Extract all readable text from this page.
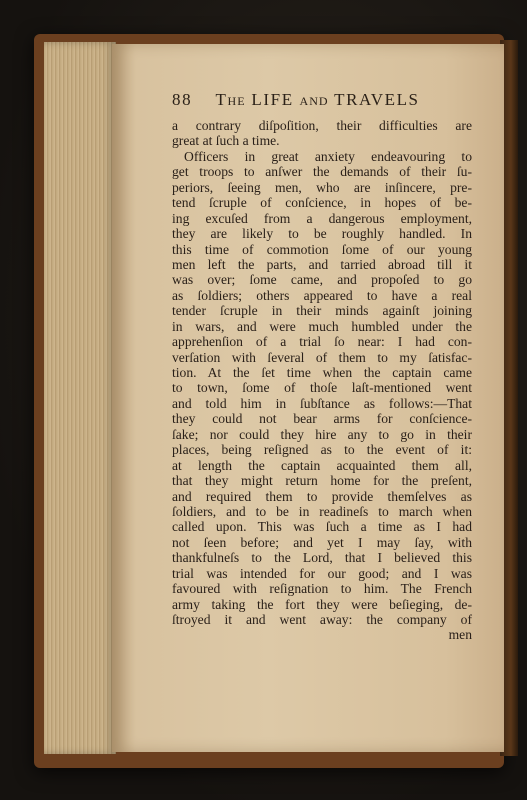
88 THE LIFE AND TRAVELS
a contrary diſpoſition, their difficulties are
great at ſuch a time.
Officers in great anxiety endeavouring to
get troops to anſwer the demands of their ſu-
periors, ſeeing men, who are inſincere, pre-
tend ſcruple of conſcience, in hopes of be-
ing excuſed from a dangerous employment,
they are likely to be roughly handled. In
this time of commotion ſome of our young
men left the parts, and tarried abroad till it
was over; ſome came, and propoſed to go
as ſoldiers; others appeared to have a real
tender ſcruple in their minds againſt joining
in wars, and were much humbled under the
apprehenſion of a trial ſo near: I had con-
verſation with ſeveral of them to my ſatisfac-
tion. At the ſet time when the captain came
to town, ſome of thoſe laſt-mentioned went
and told him in ſubſtance as follows:—That
they could not bear arms for conſcience-
ſake; nor could they hire any to go in their
places, being reſigned as to the event of it:
at length the captain acquainted them all,
that they might return home for the preſent,
and required them to provide themſelves as
ſoldiers, and to be in readineſs to march when
called upon. This was ſuch a time as I had
not ſeen before; and yet I may ſay, with
thankfulneſs to the Lord, that I believed this
trial was intended for our good; and I was
favoured with reſignation to him. The French
army taking the fort they were beſieging, de-
ſtroyed it and went away: the company of
men
